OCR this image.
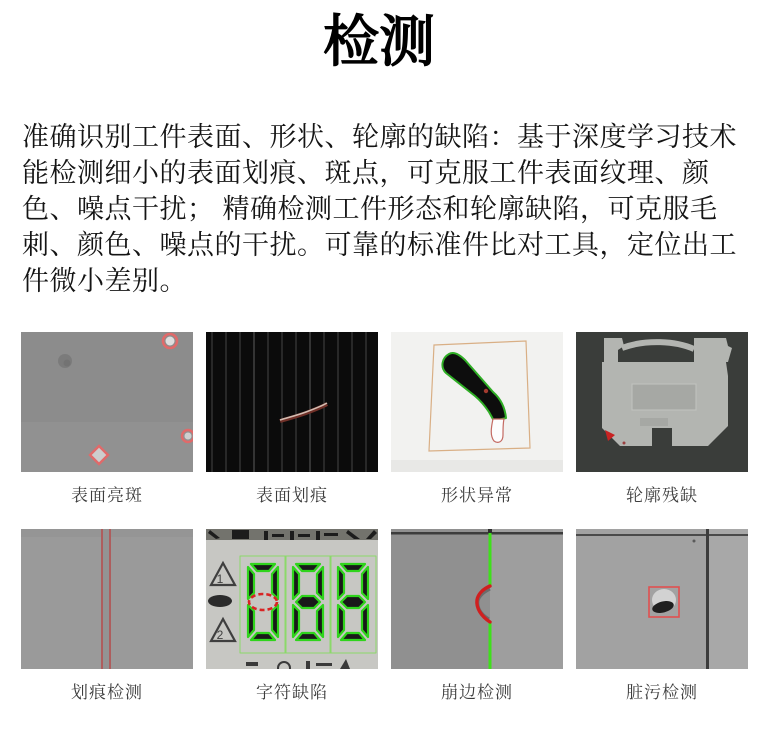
检测
准确识别工件表面、形状、轮廓的缺陷：基于深度学习技术
能检测细小的表面划痕、斑点，可克服工件表面纹理、颜
色、噪点干扰； 精确检测工件形态和轮廓缺陷，可克服毛
刺、颜色、噪点的干扰。可靠的标准件比对工具，定位出工
件微小差别。
表面亮斑	表面划痕	形状异常	轮廓残缺
划痕检测
1
2
字符缺陷	崩边检测	脏污检测
